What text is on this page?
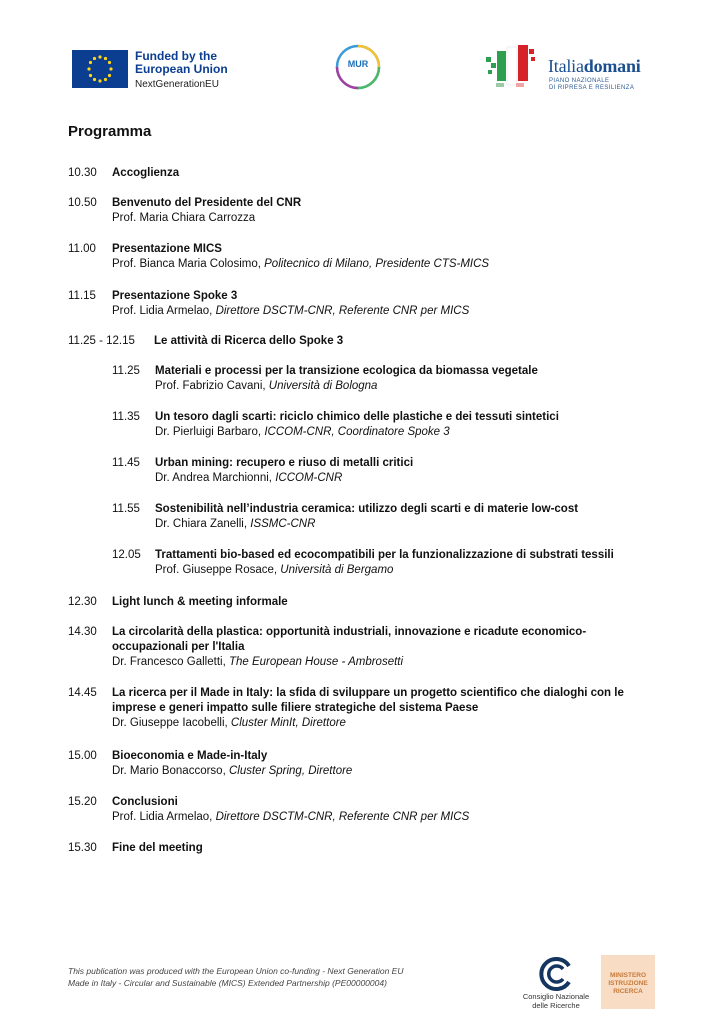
Funded by the
European Union
NextGenerationEU
MUR	Italiadomani
PIANO NAZIONALE
DI RIPRESA E RESILIENZA
Programma
10.30 Accoglienza
10.50 Benvenuto del Presidente del CNR
Prof. Maria Chiara Carrozza
11.00 Presentazione MICS
Prof. Bianca Maria Colosimo, Politecnico di Milano, Presidente CTS-MICS
11.15 Presentazione Spoke 3
Prof. Lidia Armelao, Direttore DSCTM-CNR, Referente CNR per MICS
11.25 - 12.15 Le attività di Ricerca dello Spoke 3
11.25 Materiali e processi per la transizione ecologica da biomassa vegetale
Prof. Fabrizio Cavani, Università di Bologna
11.35 Un tesoro dagli scarti: riciclo chimico delle plastiche e dei tessuti sintetici
Dr. Pierluigi Barbaro, ICCOM-CNR, Coordinatore Spoke 3
11.45 Urban mining: recupero e riuso di metalli critici
Dr. Andrea Marchionni, ICCOM-CNR
11.55 Sostenibilità nell’industria ceramica: utilizzo degli scarti e di materie low-cost
Dr. Chiara Zanelli, ISSMC-CNR
12.05 Trattamenti bio-based ed ecocompatibili per la funzionalizzazione di substrati tessili
Prof. Giuseppe Rosace, Università di Bergamo
12.30 Light lunch & meeting informale
14.30 La circolarità della plastica: opportunità industriali, innovazione e ricadute economico-occupazionali per l'Italia
Dr. Francesco Galletti, The European House - Ambrosetti
14.45 La ricerca per il Made in Italy: la sfida di sviluppare un progetto scientifico che dialoghi con le imprese e generi impatto sulle filiere strategiche del sistema Paese
Dr. Giuseppe Iacobelli, Cluster MinIt, Direttore
15.00 Bioeconomia e Made-in-Italy
Dr. Mario Bonaccorso, Cluster Spring, Direttore
15.20 Conclusioni
Prof. Lidia Armelao, Direttore DSCTM-CNR, Referente CNR per MICS
15.30 Fine del meeting
This publication was produced with the European Union co-funding - Next Generation EU
Made in Italy - Circular and Sustainable (MICS) Extended Partnership (PE00000004)
Consiglio Nazionale
delle Ricerche
MINISTERO
ISTRUZIONE
RICERCA
